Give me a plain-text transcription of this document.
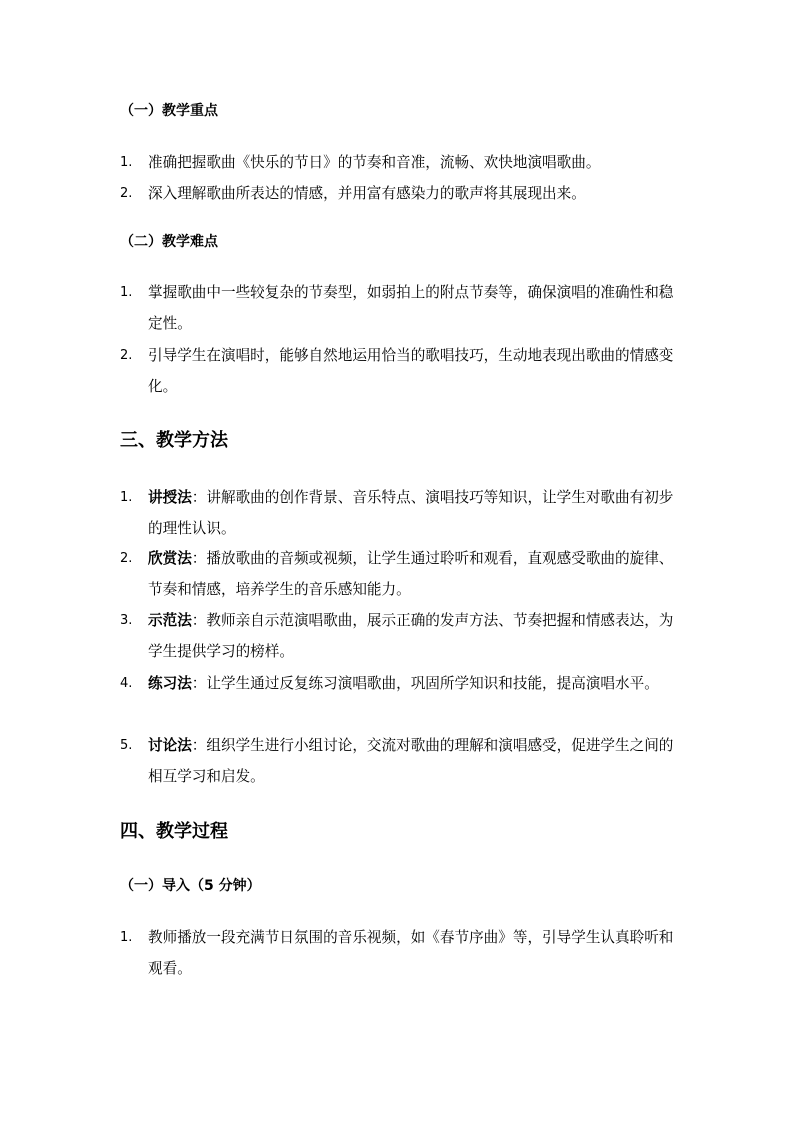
（一）教学重点
1.	准确把握歌曲《快乐的节日》的节奏和音准，流畅、欢快地演唱歌曲。
2.	深入理解歌曲所表达的情感，并用富有感染力的歌声将其展现出来。
（二）教学难点
1.	掌握歌曲中一些较复杂的节奏型，如弱拍上的附点节奏等，确保演唱的准确性和稳定性。
2.	引导学生在演唱时，能够自然地运用恰当的歌唱技巧，生动地表现出歌曲的情感变化。
三、教学方法
1.	讲授法：讲解歌曲的创作背景、音乐特点、演唱技巧等知识，让学生对歌曲有初步的理性认识。
2.	欣赏法：播放歌曲的音频或视频，让学生通过聆听和观看，直观感受歌曲的旋律、节奏和情感，培养学生的音乐感知能力。
3.	示范法：教师亲自示范演唱歌曲，展示正确的发声方法、节奏把握和情感表达，为学生提供学习的榜样。
4.	练习法：让学生通过反复练习演唱歌曲，巩固所学知识和技能，提高演唱水平。
5.	讨论法：组织学生进行小组讨论，交流对歌曲的理解和演唱感受，促进学生之间的相互学习和启发。
四、教学过程
（一）导入（5 分钟）
1.	教师播放一段充满节日氛围的音乐视频，如《春节序曲》等，引导学生认真聆听和观看。
